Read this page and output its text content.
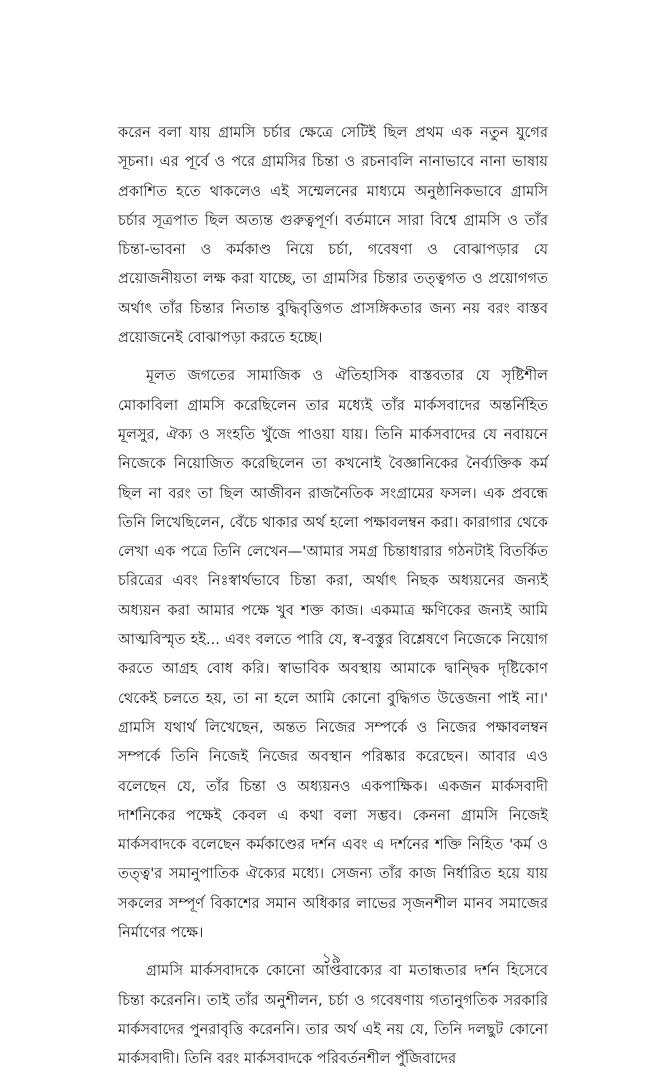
করেন বলা যায় গ্রামসি চর্চার ক্ষেত্রে সেটিই ছিল প্রথম এক নতুন যুগের সূচনা। এর পূর্বে ও পরে গ্রামসির চিন্তা ও রচনাবলি নানাভাবে নানা ভাষায় প্রকাশিত হতে থাকলেও এই সম্মেলনের মাধ্যমে অনুষ্ঠানিকভাবে গ্রামসি চর্চার সূত্রপাত ছিল অত্যন্ত গুরুত্বপূর্ণ। বর্তমানে সারা বিশ্বে গ্রামসি ও তাঁর চিন্তা-ভাবনা ও কর্মকাণ্ড নিয়ে চর্চা, গবেষণা ও বোঝাপড়ার যে প্রয়োজনীয়তা লক্ষ করা যাচ্ছে, তা গ্রামসির চিন্তার তত্ত্বগত ও প্রয়োগগত অর্থাৎ তাঁর চিন্তার নিতান্ত বুদ্ধিবৃত্তিগত প্রাসঙ্গিকতার জন্য নয় বরং বাস্তব প্রয়োজনেই বোঝাপড়া করতে হচ্ছে।

মূলত জগতের সামাজিক ও ঐতিহাসিক বাস্তবতার যে সৃষ্টিশীল মোকাবিলা গ্রামসি করেছিলেন তার মধ্যেই তাঁর মার্কসবাদের অন্তর্নিহিত মূলসুর, ঐক্য ও সংহতি খুঁজে পাওয়া যায়। তিনি মার্কসবাদের যে নবায়নে নিজেকে নিয়োজিত করেছিলেন তা কখনোই বৈজ্ঞানিকের নৈর্ব্যক্তিক কর্ম ছিল না বরং তা ছিল আজীবন রাজনৈতিক সংগ্রামের ফসল। এক প্রবন্ধে তিনি লিখেছিলেন, বেঁচে থাকার অর্থ হলো পক্ষাবলম্বন করা। কারাগার থেকে লেখা এক পত্রে তিনি লেখেন—'আমার সমগ্র চিন্তাধারার গঠনটাই বিতর্কিত চরিত্রের এবং নিঃস্বার্থভাবে চিন্তা করা, অর্থাৎ নিছক অধ্যয়নের জন্যই অধ্যয়ন করা আমার পক্ষে খুব শক্ত কাজ। একমাত্র ক্ষণিকের জন্যই আমি আত্মবিস্মৃত হই... এবং বলতে পারি যে, স্ব-বস্তুর বিশ্লেষণে নিজেকে নিয়োগ করতে আগ্রহ বোধ করি। স্বাভাবিক অবস্থায় আমাকে দ্বান্দ্বিক দৃষ্টিকোণ থেকেই চলতে হয়, তা না হলে আমি কোনো বুদ্ধিগত উত্তেজনা পাই না।' গ্রামসি যথার্থ লিখেছেন, অন্তত নিজের সম্পর্কে ও নিজের পক্ষাবলম্বন সম্পর্কে তিনি নিজেই নিজের অবস্থান পরিষ্কার করেছেন। আবার এও বলেছেন যে, তাঁর চিন্তা ও অধ্যয়নও একপাক্ষিক। একজন মার্কসবাদী দার্শনিকের পক্ষেই কেবল এ কথা বলা সম্ভব। কেননা গ্রামসি নিজেই মার্কসবাদকে বলেছেন কর্মকাণ্ডের দর্শন এবং এ দর্শনের শক্তি নিহিত 'কর্ম ও তত্ত্ব'র সমানুপাতিক ঐক্যের মধ্যে। সেজন্য তাঁর কাজ নির্ধারিত হয়ে যায় সকলের সম্পূর্ণ বিকাশের সমান অধিকার লাভের সৃজনশীল মানব সমাজের নির্মাণের পক্ষে।

গ্রামসি মার্কসবাদকে কোনো আপ্তবাক্যের বা মতান্ধতার দর্শন হিসেবে চিন্তা করেননি। তাই তাঁর অনুশীলন, চর্চা ও গবেষণায় গতানুগতিক সরকারি মার্কসবাদের পুনরাবৃত্তি করেননি। তার অর্থ এই নয় যে, তিনি দলছুট কোনো মার্কসবাদী। তিনি বরং মার্কসবাদকে পরিবর্তনশীল পুঁজিবাদের

১৯
